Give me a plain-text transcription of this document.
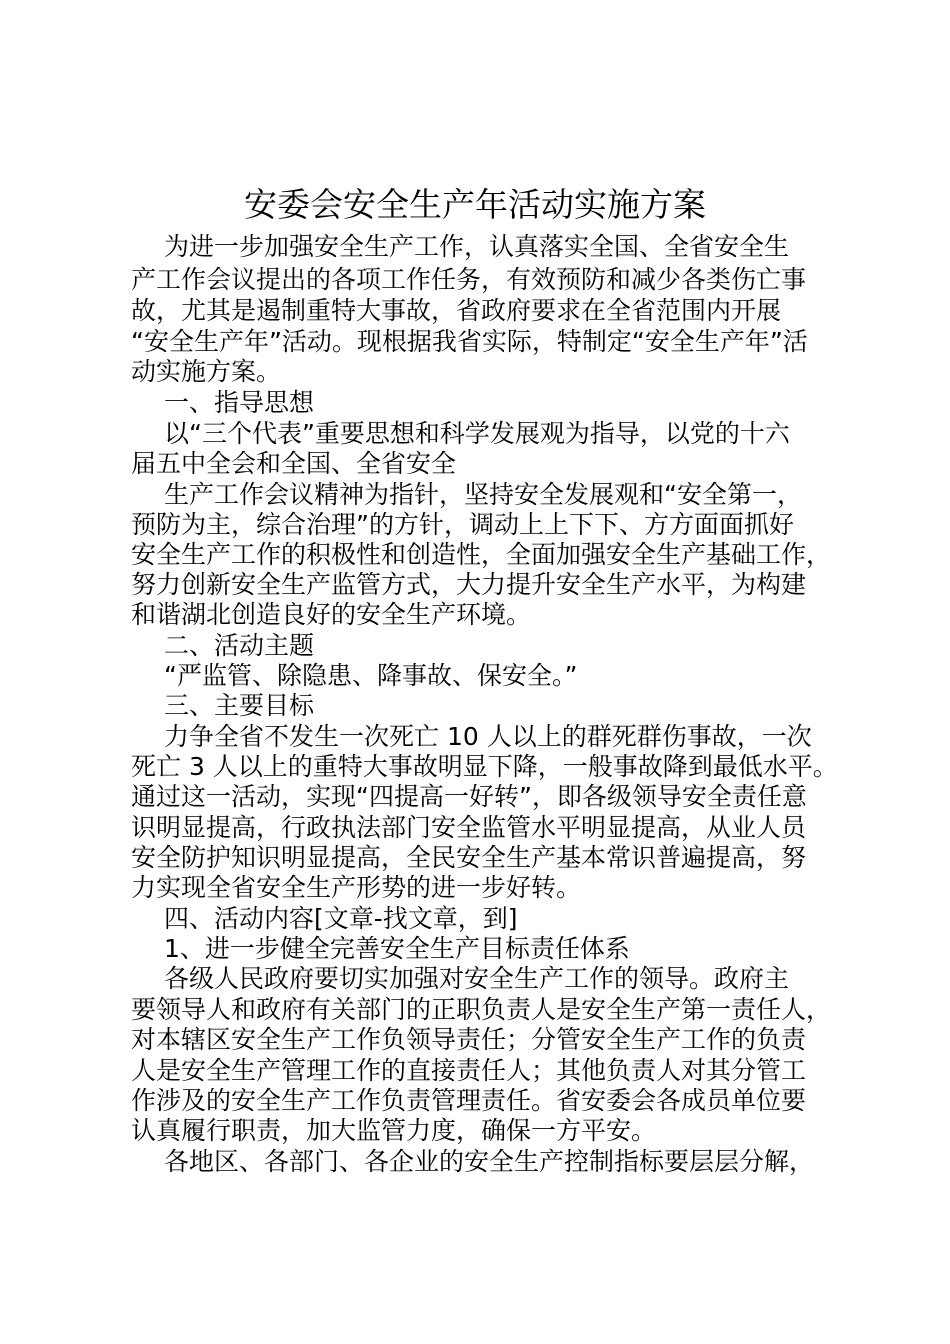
安委会安全生产年活动实施方案
为进一步加强安全生产工作，认真落实全国、全省安全生
产工作会议提出的各项工作任务，有效预防和减少各类伤亡事
故，尤其是遏制重特大事故，省政府要求在全省范围内开展
“安全生产年”活动。现根据我省实际，特制定“安全生产年”活
动实施方案。
一、指导思想
以“三个代表”重要思想和科学发展观为指导，以党的十六
届五中全会和全国、全省安全
生产工作会议精神为指针，坚持安全发展观和“安全第一，
预防为主，综合治理”的方针，调动上上下下、方方面面抓好
安全生产工作的积极性和创造性，全面加强安全生产基础工作，
努力创新安全生产监管方式，大力提升安全生产水平，为构建
和谐湖北创造良好的安全生产环境。
二、活动主题
“严监管、除隐患、降事故、保安全。”
三、主要目标
力争全省不发生一次死亡 10 人以上的群死群伤事故，一次
死亡 3 人以上的重特大事故明显下降，一般事故降到最低水平。
通过这一活动，实现“四提高一好转”，即各级领导安全责任意
识明显提高，行政执法部门安全监管水平明显提高，从业人员
安全防护知识明显提高，全民安全生产基本常识普遍提高，努
力实现全省安全生产形势的进一步好转。
四、活动内容[文章-找文章，到]
1、进一步健全完善安全生产目标责任体系
各级人民政府要切实加强对安全生产工作的领导。政府主
要领导人和政府有关部门的正职负责人是安全生产第一责任人，
对本辖区安全生产工作负领导责任；分管安全生产工作的负责
人是安全生产管理工作的直接责任人；其他负责人对其分管工
作涉及的安全生产工作负责管理责任。省安委会各成员单位要
认真履行职责，加大监管力度，确保一方平安。
各地区、各部门、各企业的安全生产控制指标要层层分解，
